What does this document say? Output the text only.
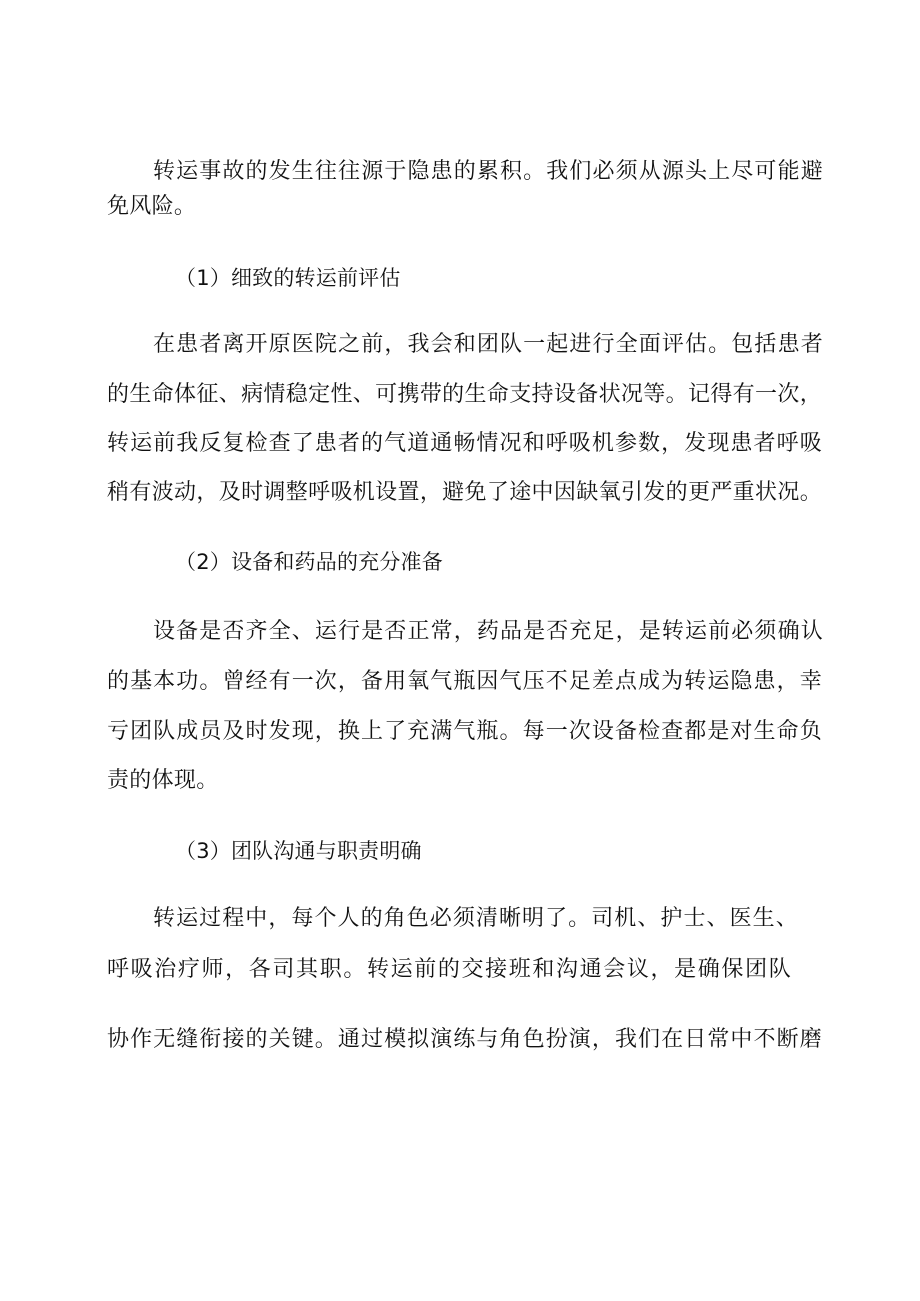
转运事故的发生往往源于隐患的累积。我们必须从源头上尽可能避

免风险。

（1）细致的转运前评估

在患者离开原医院之前，我会和团队一起进行全面评估。包括患者

的生命体征、病情稳定性、可携带的生命支持设备状况等。记得有一次，

转运前我反复检查了患者的气道通畅情况和呼吸机参数，发现患者呼吸

稍有波动，及时调整呼吸机设置，避免了途中因缺氧引发的更严重状况。

（2）设备和药品的充分准备

设备是否齐全、运行是否正常，药品是否充足，是转运前必须确认

的基本功。曾经有一次，备用氧气瓶因气压不足差点成为转运隐患，幸

亏团队成员及时发现，换上了充满气瓶。每一次设备检查都是对生命负

责的体现。

（3）团队沟通与职责明确

转运过程中，每个人的角色必须清晰明了。司机、护士、医生、

呼吸治疗师，各司其职。转运前的交接班和沟通会议，是确保团队

协作无缝衔接的关键。通过模拟演练与角色扮演，我们在日常中不断磨
